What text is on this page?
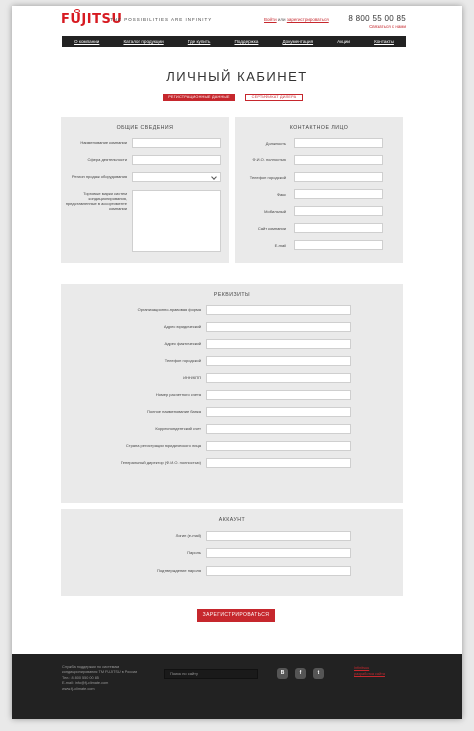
FUJITSU
THE POSSIBILITIES ARE INFINITY	Войти или зарегистрироваться 8 800 55 00 85
Связаться с нами
О компании	Каталог продукции	Где купить	Поддержка	Документация	Акции	Контакты
ЛИЧНЫЙ КАБИНЕТ
РЕГИСТРАЦИОННЫЕ ДАННЫЕ	СЕРТИФИКАТ ДИЛЕРА
ОБЩИЕ СВЕДЕНИЯ
Наименование компании
Сфера деятельности
Регион продаж оборудования
Торговые марки систем кондиционирования, представленные в ассортименте компании
КОНТАКТНОЕ ЛИЦО
Должность
Ф.И.О. полностью
Телефон городской
Факс
Мобильный
Сайт компании
E-mail
РЕКВИЗИТЫ
Организационно-правовая форма
Адрес юридический
Адрес фактический
Телефон городской
ИНН/КПП
Номер расчетного счета
Полное наименование банка
Корреспондентский счет
Страна регистрации юридического лица
Генеральный директор (Ф.И.О. полностью)
АККАУНТ
Логин (e-mail)
Пароль
Подтверждение пароля
ЗАРЕГИСТРИРОВАТЬСЯ
Служба поддержки по системам
кондиционирования ТМ FUJITSU в России
Тел.: 8 800 550 00 85
E-mail: info@fj-climate.com
www.fj-climate.com
Поиск по сайту	B	f	t
Infinitsuu
разработка сайта
